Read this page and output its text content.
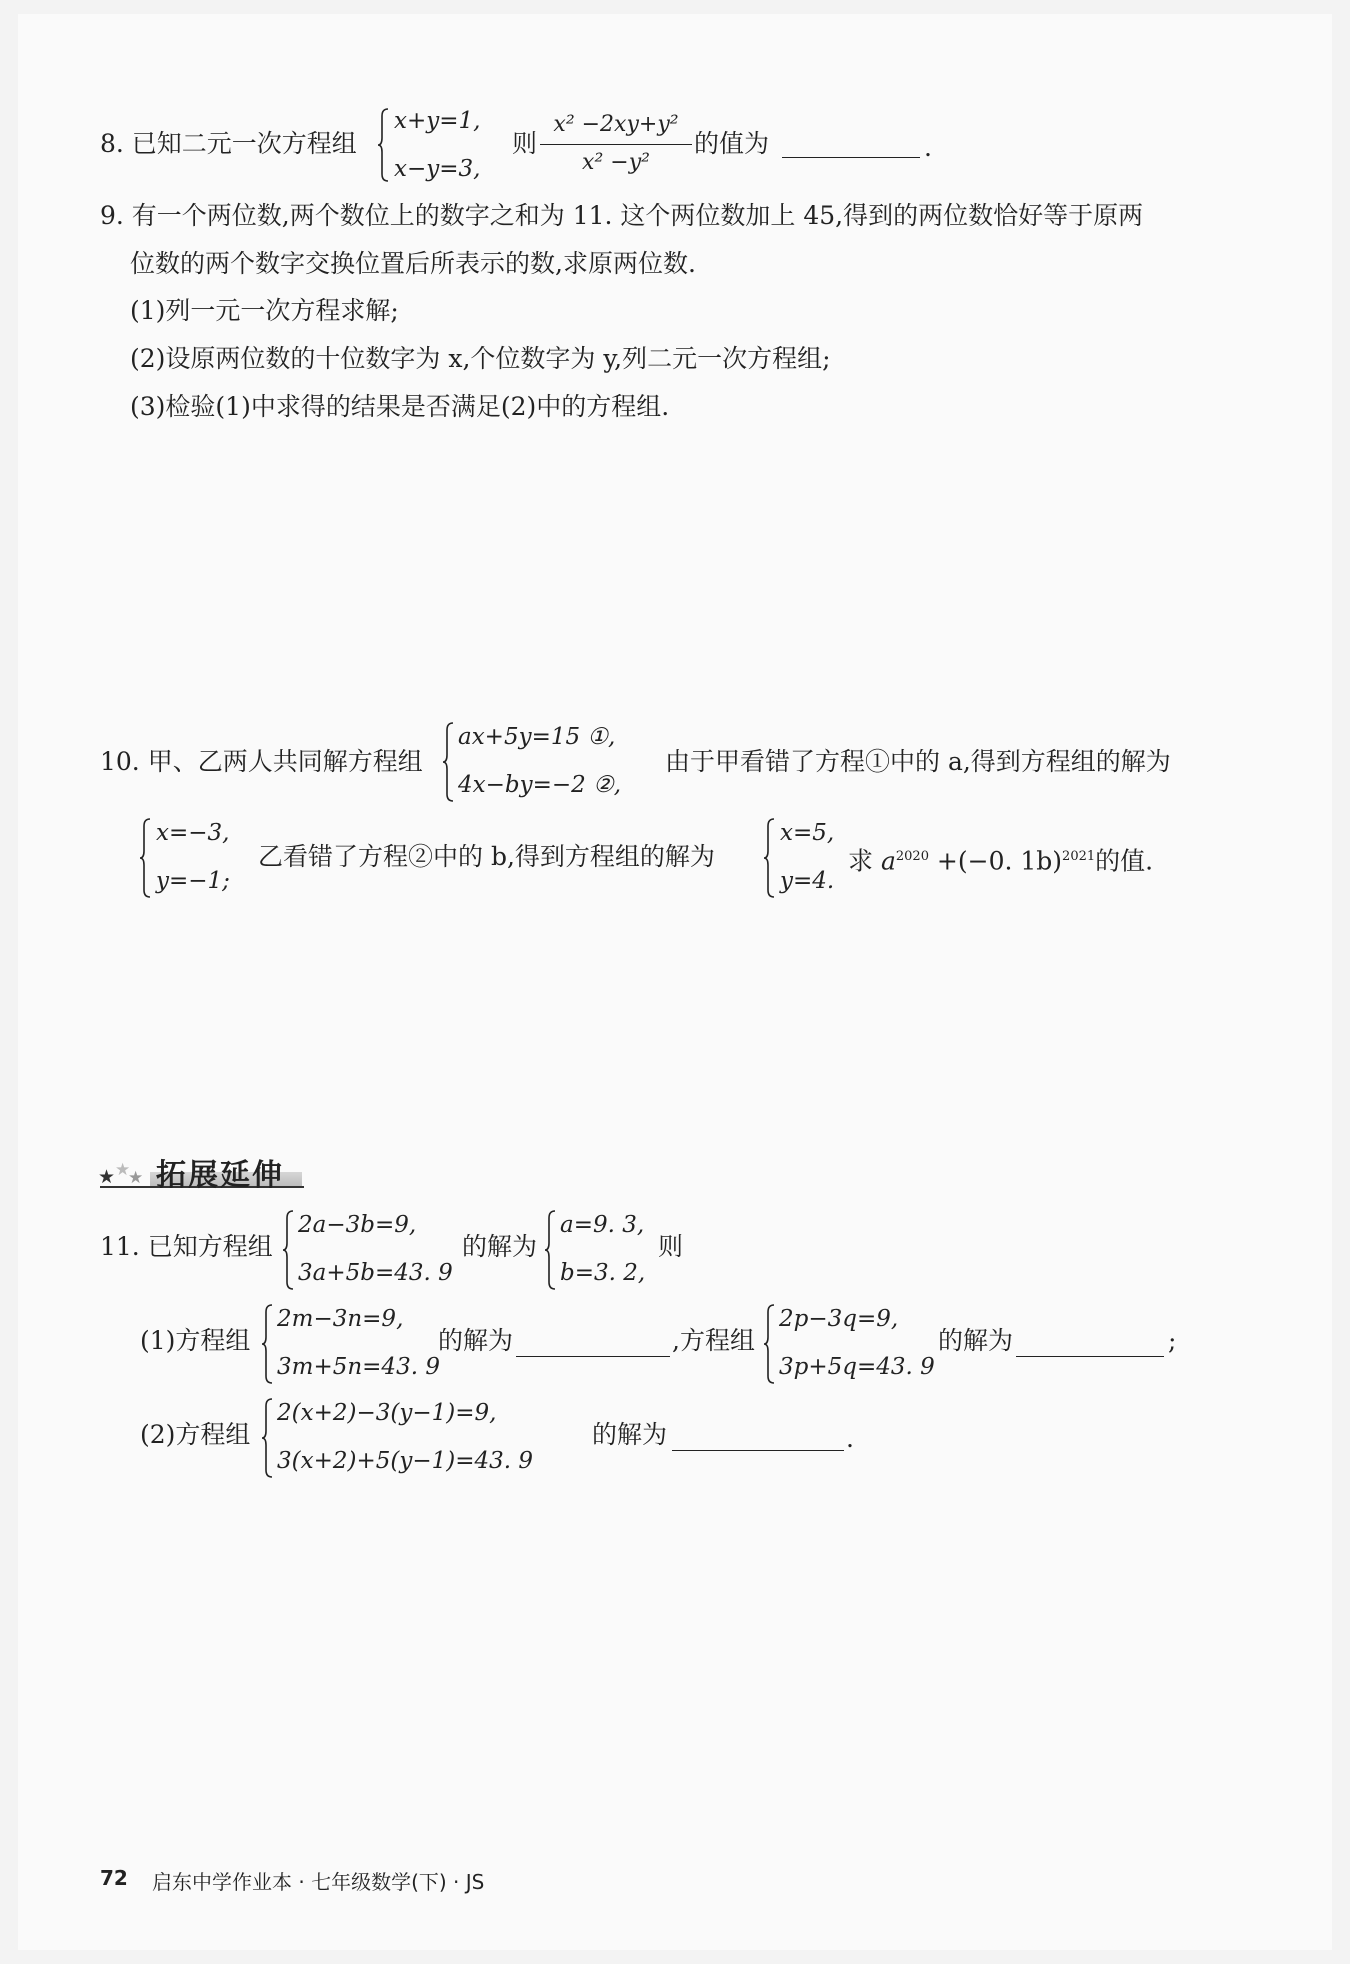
8. 已知二元一次方程组
x+y=1,
x−y=3,
则
x² −2xy+y²
x² −y²
的值为	.
9. 有一个两位数,两个数位上的数字之和为 11. 这个两位数加上 45,得到的两位数恰好等于原两
位数的两个数字交换位置后所表示的数,求原两位数.
(1)列一元一次方程求解;
(2)设原两位数的十位数字为 x,个位数字为 y,列二元一次方程组;
(3)检验(1)中求得的结果是否满足(2)中的方程组.
10. 甲、乙两人共同解方程组
ax+5y=15 ①,
4x−by=−2 ②,
由于甲看错了方程①中的 a,得到方程组的解为
x=−3,
y=−1;
乙看错了方程②中的 b,得到方程组的解为
x=5,
y=4.
求 $a^{2020} +(-0$. 1b)$^{2021}$的值.
★ ★
★ 拓展延伸
11. 已知方程组
2a−3b=9,
3a+5b=43. 9
的解为
a=9. 3,
b=3. 2,
则
(1)方程组
2m−3n=9,
3m+5n=43. 9
的解为	,方程组
2p−3q=9,
3p+5q=43. 9
的解为	;
(2)方程组
2(x+2)−3(y−1)=9,
3(x+2)+5(y−1)=43. 9
的解为	.
72 启东中学作业本 · 七年级数学(下) · JS
